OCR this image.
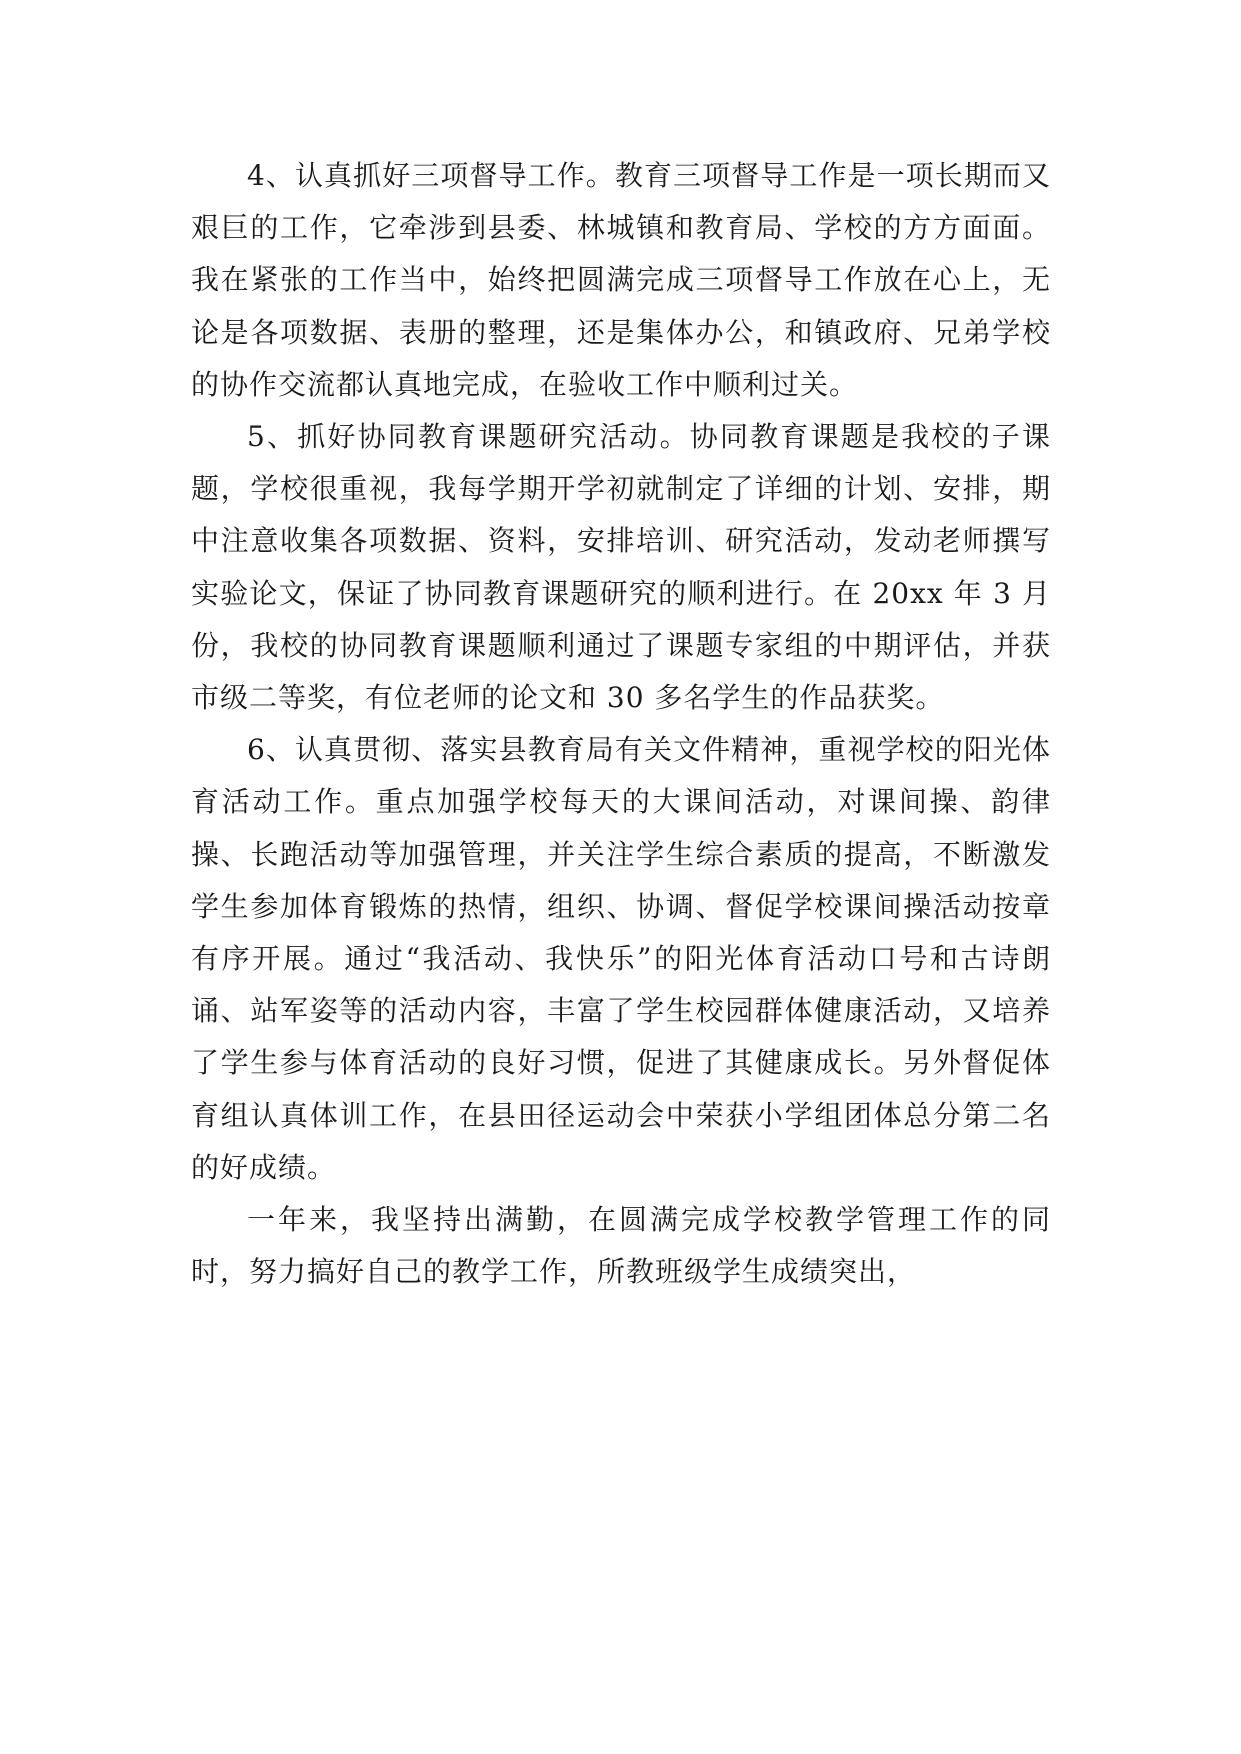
4、认真抓好三项督导工作。教育三项督导工作是一项长期而又艰巨的工作，它牵涉到县委、林城镇和教育局、学校的方方面面。我在紧张的工作当中，始终把圆满完成三项督导工作放在心上，无论是各项数据、表册的整理，还是集体办公，和镇政府、兄弟学校的协作交流都认真地完成，在验收工作中顺利过关。

5、抓好协同教育课题研究活动。协同教育课题是我校的子课题，学校很重视，我每学期开学初就制定了详细的计划、安排，期中注意收集各项数据、资料，安排培训、研究活动，发动老师撰写实验论文，保证了协同教育课题研究的顺利进行。在 20xx 年 3 月份，我校的协同教育课题顺利通过了课题专家组的中期评估，并获市级二等奖，有位老师的论文和 30 多名学生的作品获奖。

6、认真贯彻、落实县教育局有关文件精神，重视学校的阳光体育活动工作。重点加强学校每天的大课间活动，对课间操、韵律操、长跑活动等加强管理，并关注学生综合素质的提高，不断激发学生参加体育锻炼的热情，组织、协调、督促学校课间操活动按章有序开展。通过“我活动、我快乐”的阳光体育活动口号和古诗朗诵、站军姿等的活动内容，丰富了学生校园群体健康活动，又培养了学生参与体育活动的良好习惯，促进了其健康成长。另外督促体育组认真体训工作，在县田径运动会中荣获小学组团体总分第二名的好成绩。

一年来，我坚持出满勤，在圆满完成学校教学管理工作的同时，努力搞好自己的教学工作，所教班级学生成绩突出，
